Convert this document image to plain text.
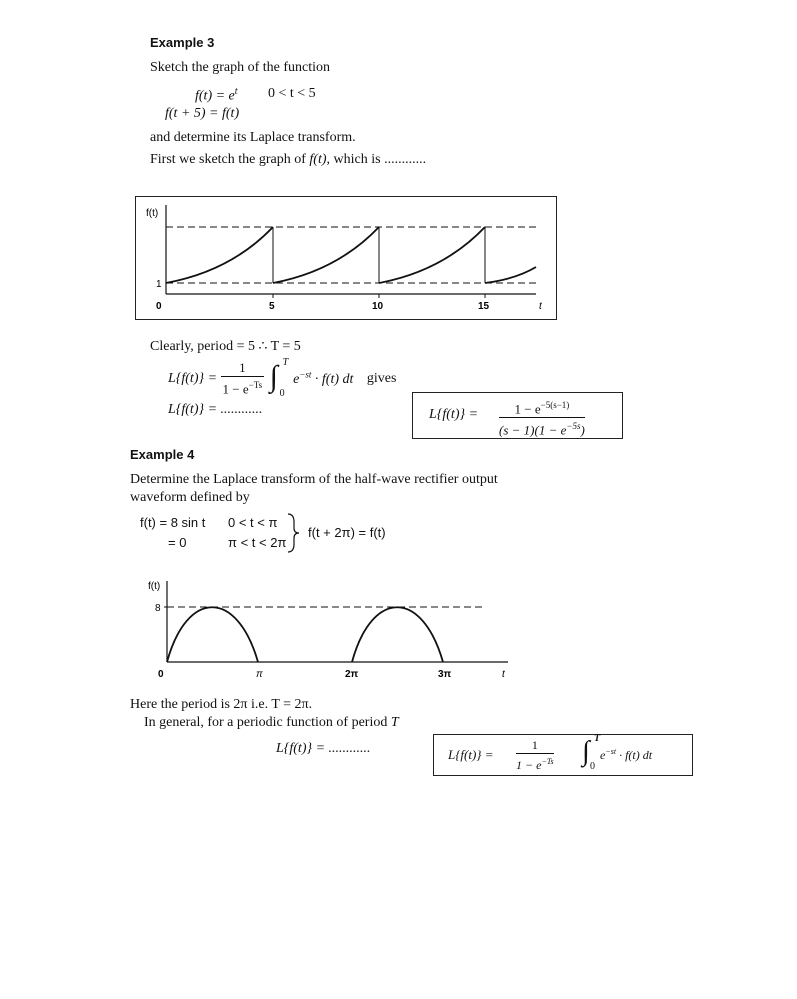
Example 3
Sketch the graph of the function
$f(t) = e^t$ 0 < t < 5
f(t + 5) = f(t)
and determine its Laplace transform.
First we sketch the graph of f(t), which is ............
f(t)
1
0	5	10	15	t
Clearly, period = 5 ∴ T = 5
$L\{f(t)\} = \frac{1}{1 - e^{-Ts}}$
∫ T
0
$e^{-st} \cdot f(t)$ dt gives
L{f(t)} = ............	L{f(t)} =	$1 - e^{-5(s-1)}$
$(s - 1)(1 - e^{-5s})$
Example 4
Determine the Laplace transform of the half-wave rectifier output
waveform defined by
f(t) = 8 sin t 0 < t < π
= 0	π < t < 2π
f(t + 2π) = f(t)
f(t)
8
0	π	2π	3π	t
Here the period is 2π i.e. T = 2π.
In general, for a periodic function of period T
L{f(t)} = ............	L{f(t)} =
1
$1 - e^{-Ts}$ ∫ T
0
$e^{-st} \cdot f(t)$ dt
